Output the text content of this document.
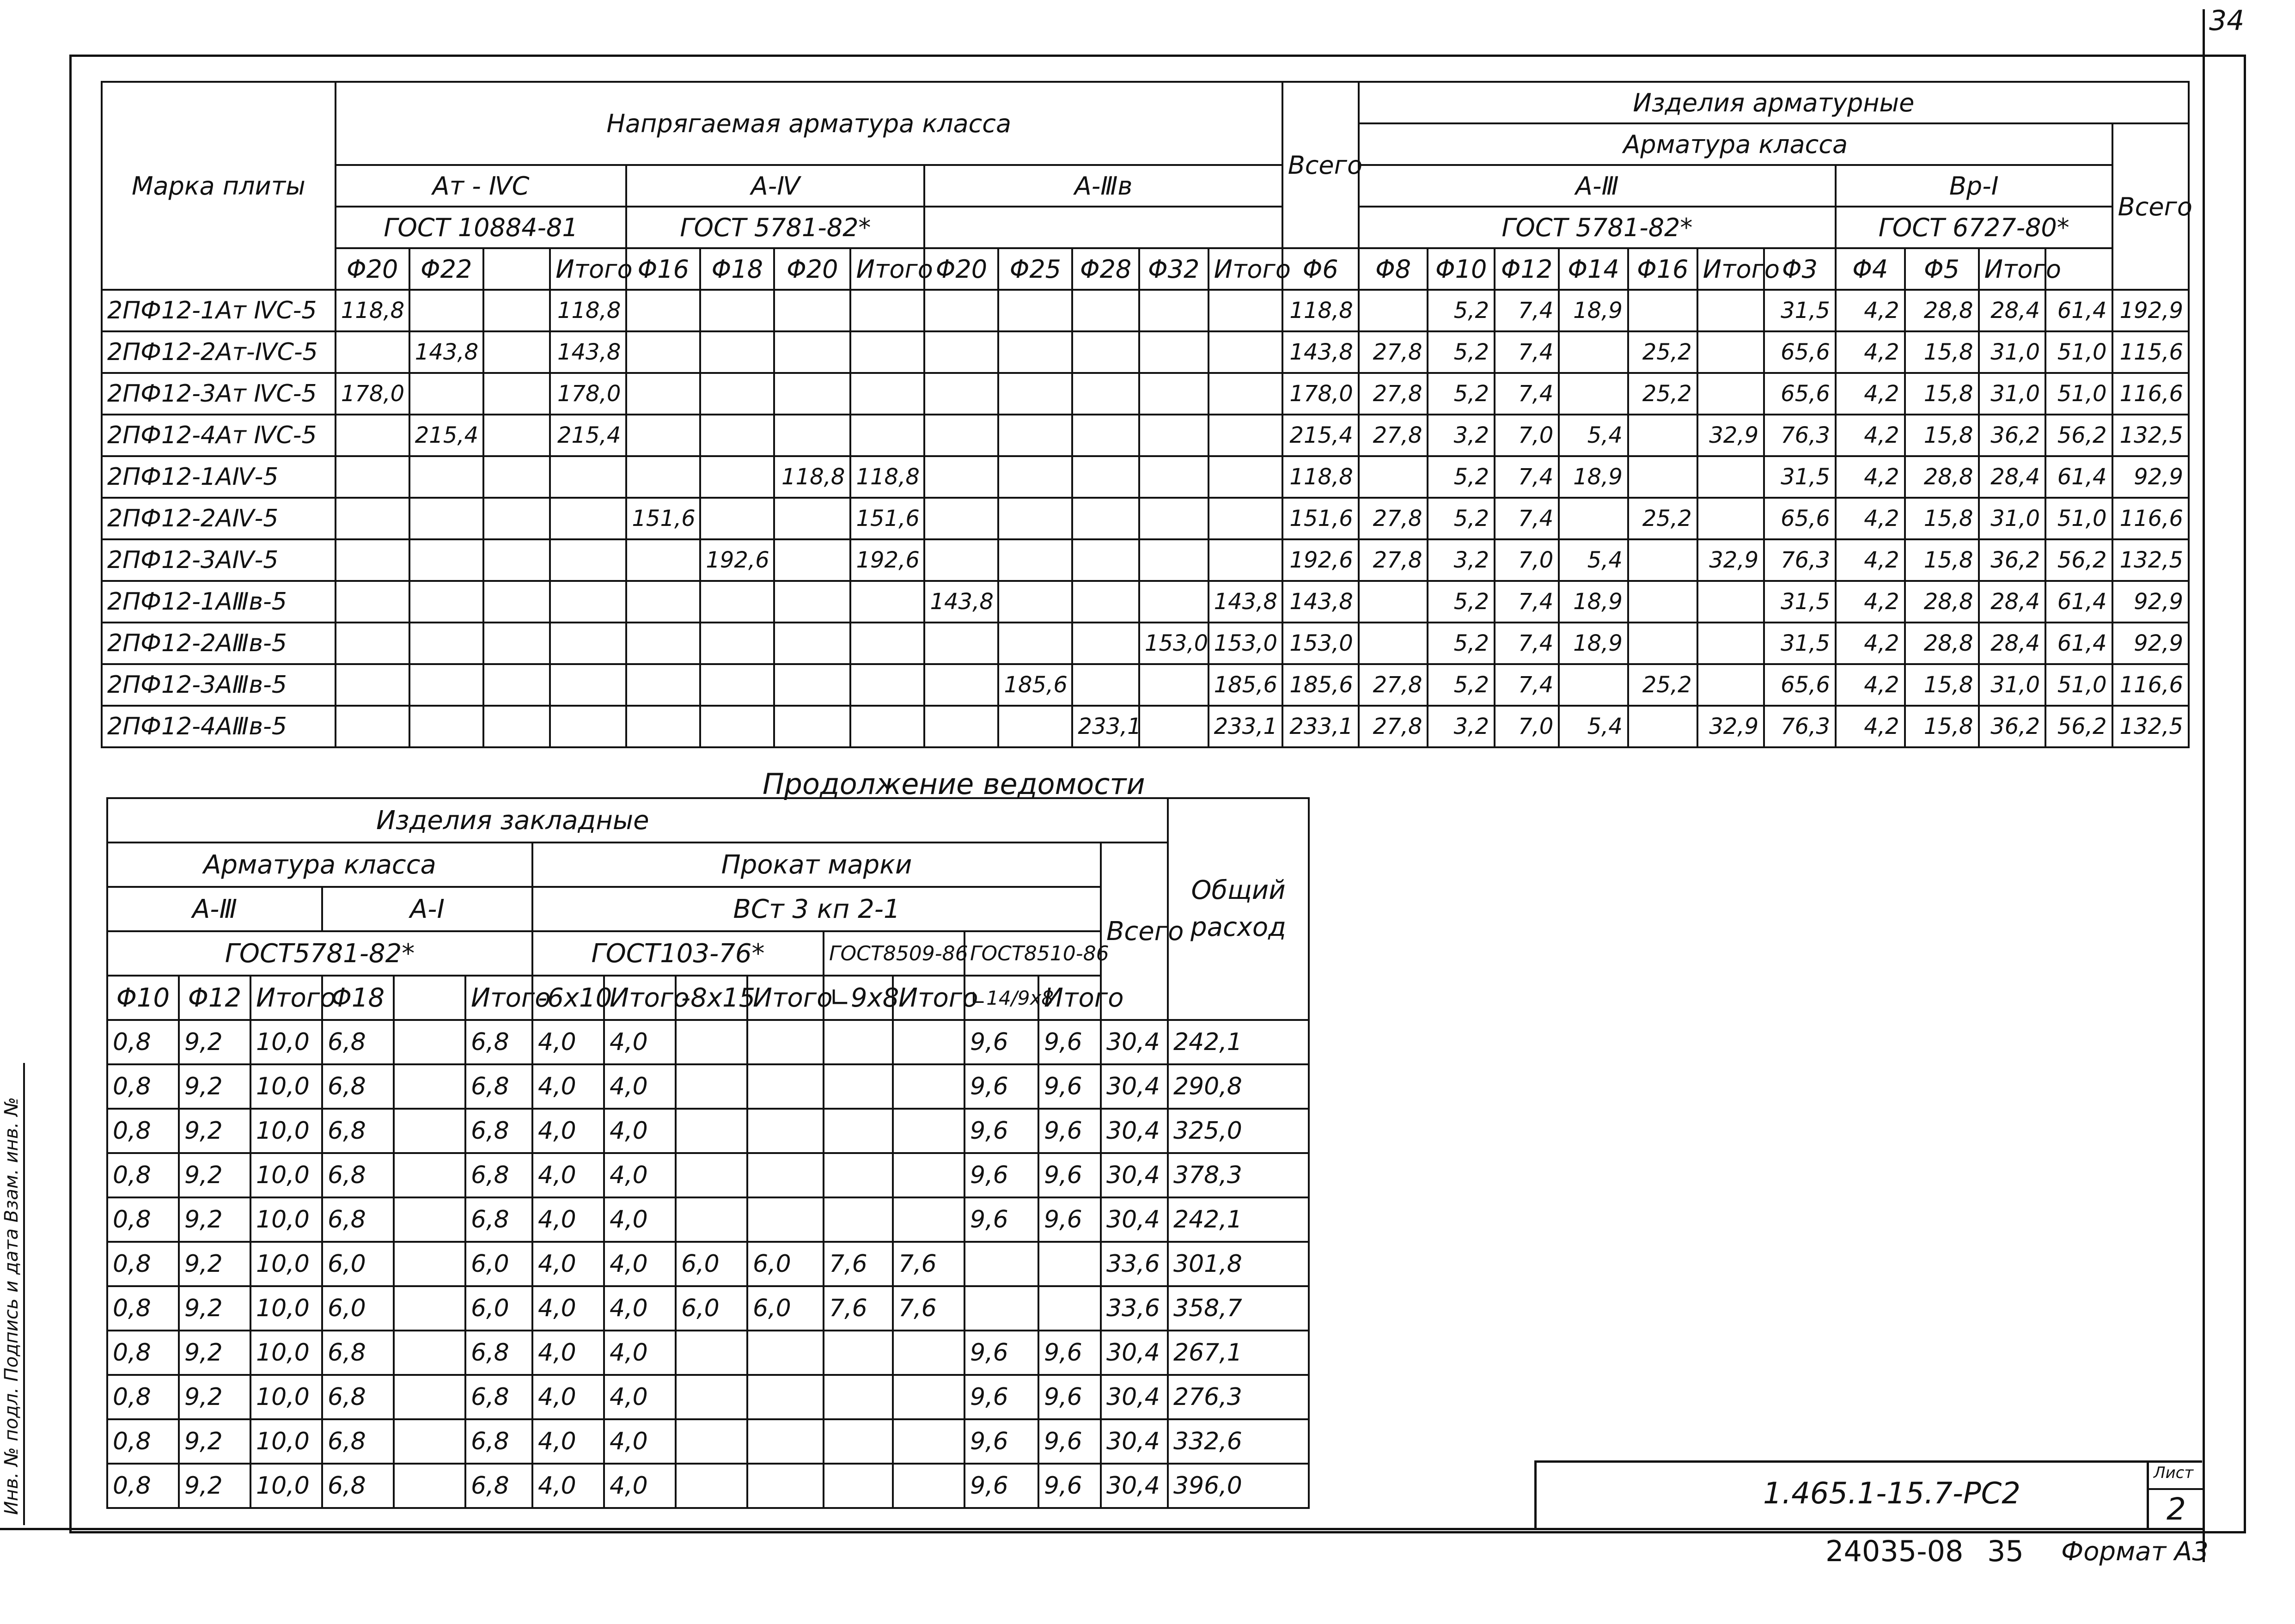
34
Инв. № подл. Подпись и дата Взам. инв. №
Марка плиты	Напрягаемая арматура класса													Всего	Изделия арматурные											
															Арматура класса											Всего
	Ат - ⅣС				А-Ⅳ				А-Ⅲв						А-Ⅲ							Вр-Ⅰ				
	ГОСТ 10884-81				ГОСТ 5781-82*										ГОСТ 5781-82*							ГОСТ 6727-80*				
	Φ20	Φ22		Итого	Φ16	Φ18	Φ20	Итого	Φ20	Φ25	Φ28	Φ32	Итого	Φ6	Φ8	Φ10	Φ12	Φ14	Φ16	Итого	Φ3	Φ4	Φ5	Итого		
2ПФ12-1Ат ⅣС-5	118,8			118,8										118,8		5,2	7,4	18,9			31,5	4,2	28,8	28,4	61,4	192,9
2ПФ12-2Ат-ⅣС-5		143,8		143,8										143,8	27,8	5,2	7,4		25,2		65,6	4,2	15,8	31,0	51,0	115,6
2ПФ12-3Ат ⅣС-5	178,0			178,0										178,0	27,8	5,2	7,4		25,2		65,6	4,2	15,8	31,0	51,0	116,6
2ПФ12-4Ат ⅣС-5		215,4		215,4										215,4	27,8	3,2	7,0	5,4		32,9	76,3	4,2	15,8	36,2	56,2	132,5
2ПФ12-1АⅣ-5							118,8	118,8						118,8		5,2	7,4	18,9			31,5	4,2	28,8	28,4	61,4	92,9
2ПФ12-2АⅣ-5					151,6			151,6						151,6	27,8	5,2	7,4		25,2		65,6	4,2	15,8	31,0	51,0	116,6
2ПФ12-3АⅣ-5						192,6		192,6						192,6	27,8	3,2	7,0	5,4		32,9	76,3	4,2	15,8	36,2	56,2	132,5
2ПФ12-1АⅢв-5									143,8				143,8	143,8		5,2	7,4	18,9			31,5	4,2	28,8	28,4	61,4	92,9
2ПФ12-2АⅢв-5												153,0	153,0	153,0		5,2	7,4	18,9			31,5	4,2	28,8	28,4	61,4	92,9
2ПФ12-3АⅢв-5										185,6			185,6	185,6	27,8	5,2	7,4		25,2		65,6	4,2	15,8	31,0	51,0	116,6
2ПФ12-4АⅢв-5											233,1		233,1	233,1	27,8	3,2	7,0	5,4		32,9	76,3	4,2	15,8	36,2	56,2	132,5
Продолжение ведомости
Изделия закладные															Общий расход
Арматура класса						Прокат марки								Всего	
А-Ⅲ			А-Ⅰ			ВСт 3 кп 2-1									
ГОСТ5781-82*						ГОСТ103-76*				ГОСТ8509-86		ГОСТ8510-86			
Φ10	Φ12	Итого	Φ18		Итого	-6х10	Итого	-8х15	Итого	∟9х8	Итого	∟14/9х8	Итого		
0,8	9,2	10,0	6,8		6,8	4,0	4,0					9,6	9,6	30,4	242,1
0,8	9,2	10,0	6,8		6,8	4,0	4,0					9,6	9,6	30,4	290,8
0,8	9,2	10,0	6,8		6,8	4,0	4,0					9,6	9,6	30,4	325,0
0,8	9,2	10,0	6,8		6,8	4,0	4,0					9,6	9,6	30,4	378,3
0,8	9,2	10,0	6,8		6,8	4,0	4,0					9,6	9,6	30,4	242,1
0,8	9,2	10,0	6,0		6,0	4,0	4,0	6,0	6,0	7,6	7,6			33,6	301,8
0,8	9,2	10,0	6,0		6,0	4,0	4,0	6,0	6,0	7,6	7,6			33,6	358,7
0,8	9,2	10,0	6,8		6,8	4,0	4,0					9,6	9,6	30,4	267,1
0,8	9,2	10,0	6,8		6,8	4,0	4,0					9,6	9,6	30,4	276,3
0,8	9,2	10,0	6,8		6,8	4,0	4,0					9,6	9,6	30,4	332,6
0,8	9,2	10,0	6,8		6,8	4,0	4,0					9,6	9,6	30,4	396,0	1.465.1-15.7-РС2
Лист
2
24035-08 35 Формат А3
